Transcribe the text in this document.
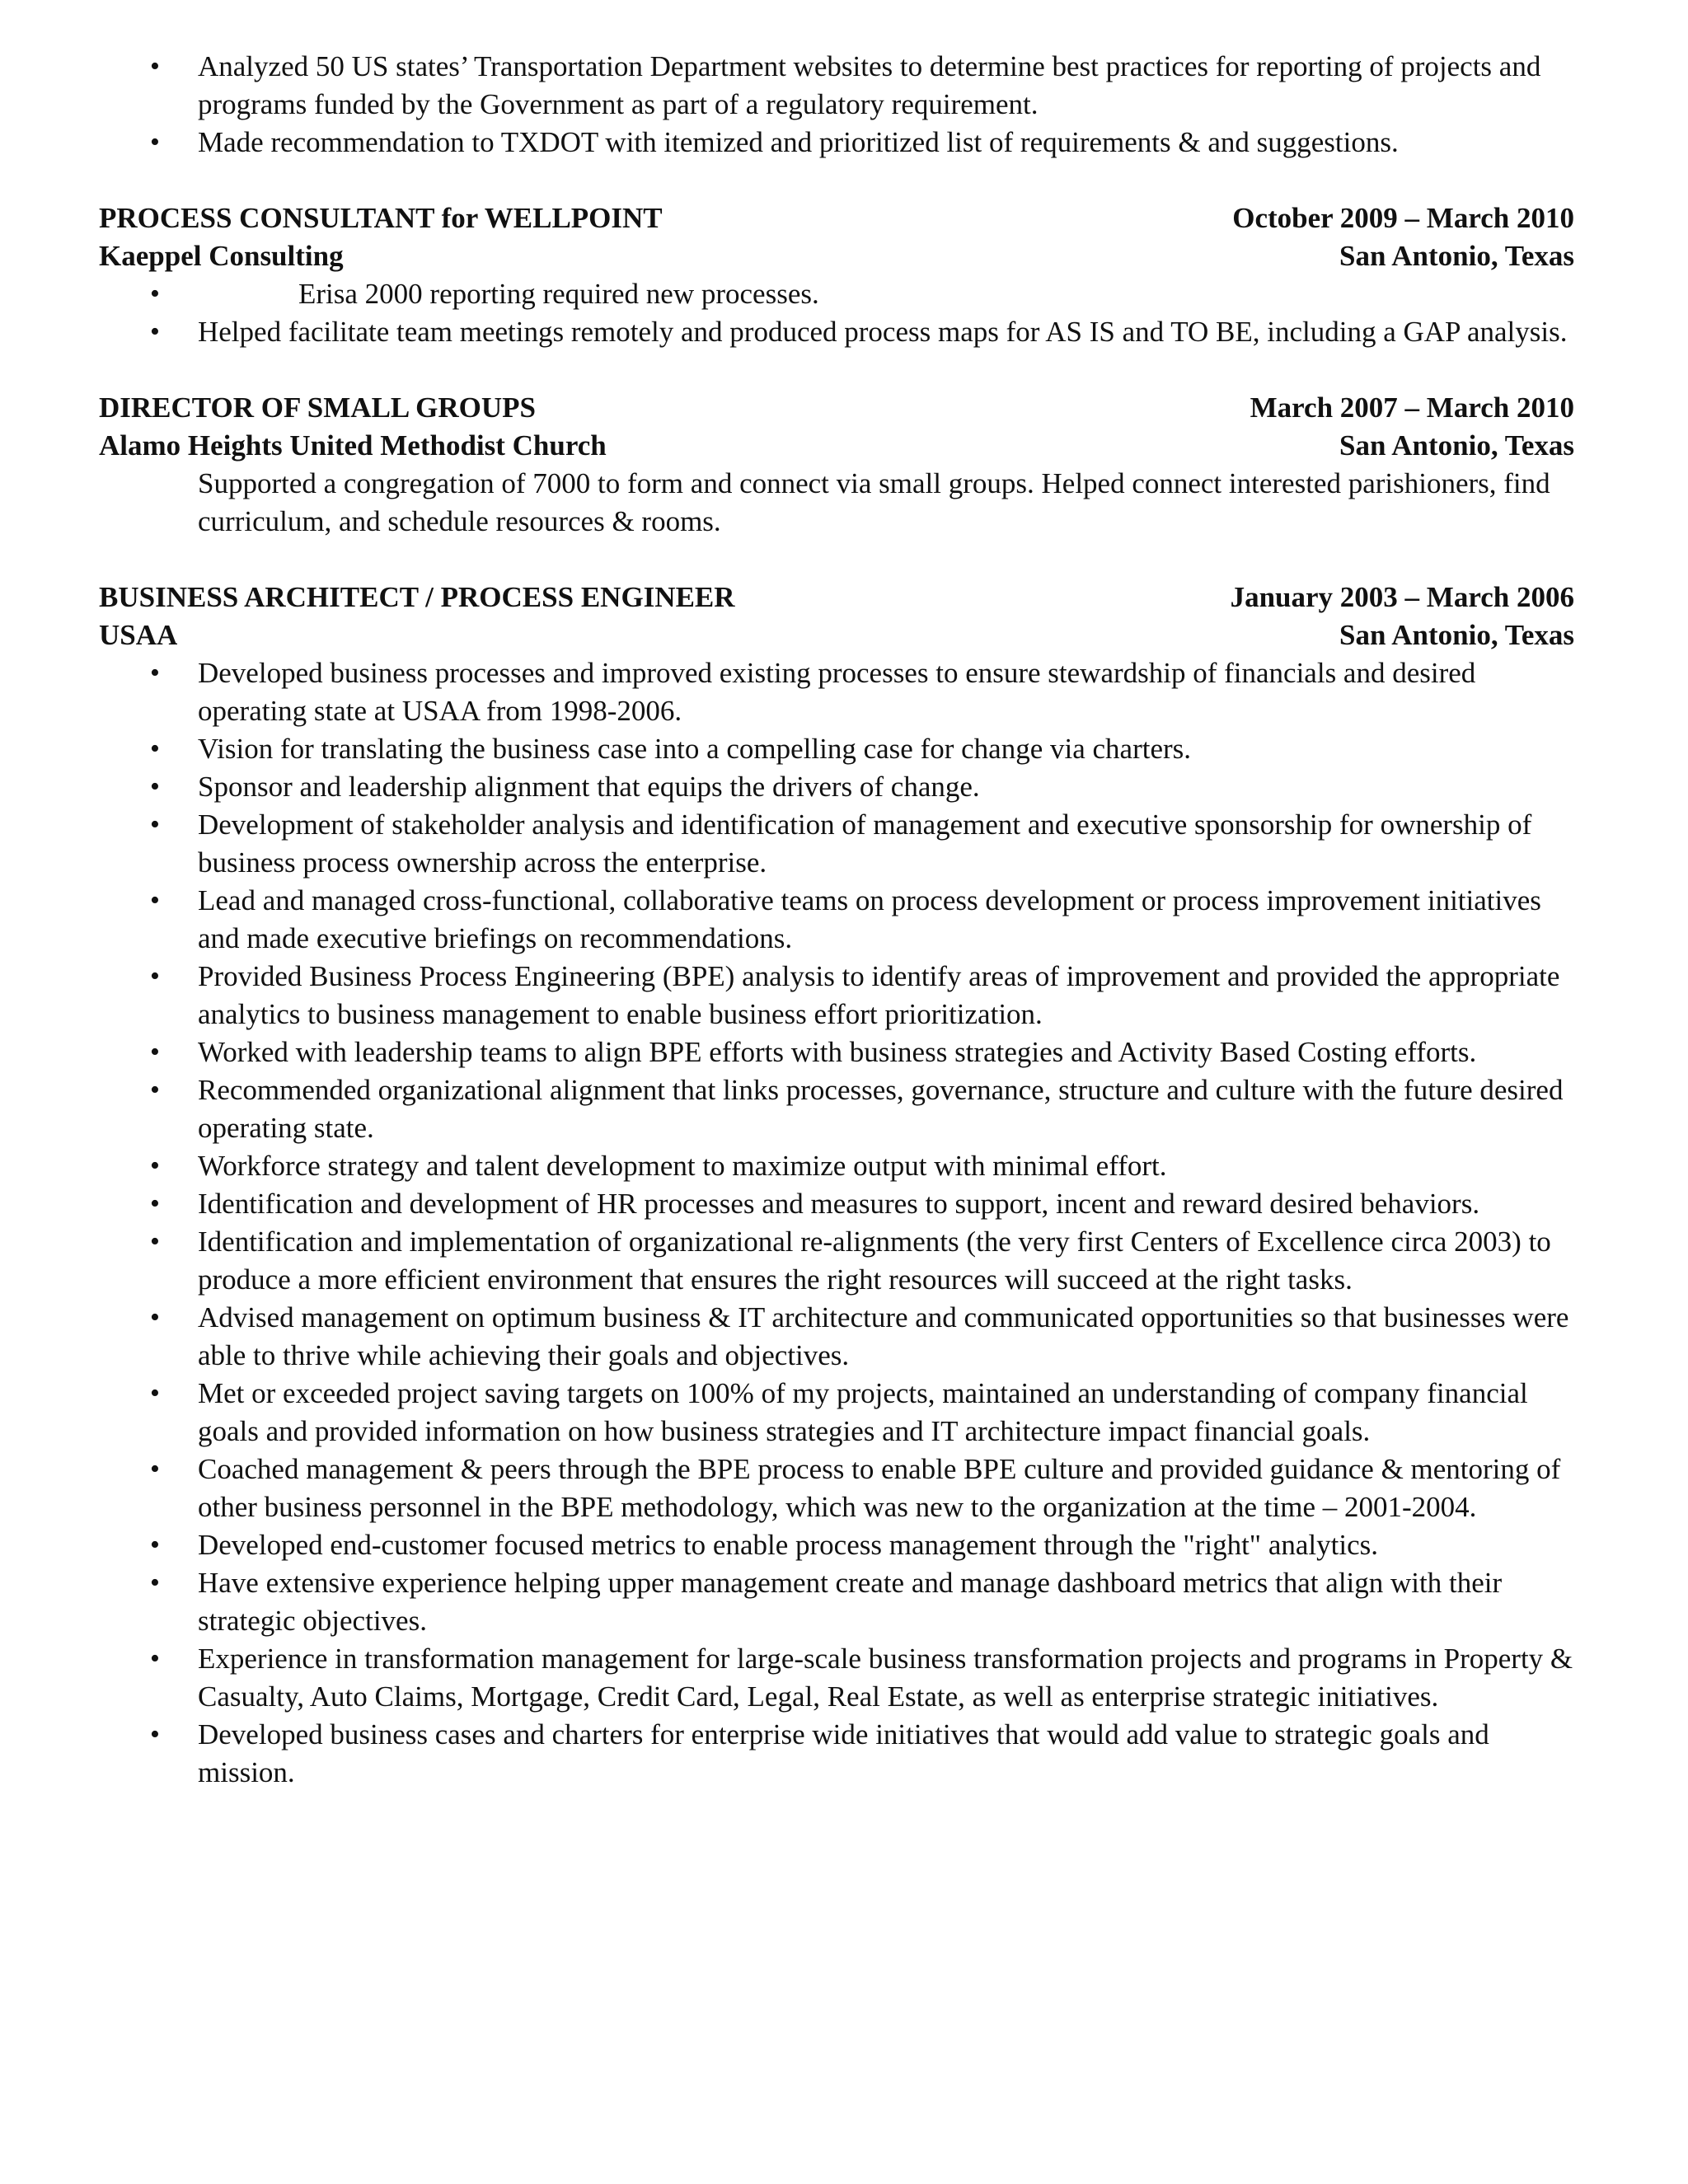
• Analyzed 50 US states’ Transportation Department websites to determine best practices for reporting of projects and programs funded by the Government as part of a regulatory requirement.
• Made recommendation to TXDOT with itemized and prioritized list of requirements & and suggestions.
PROCESS CONSULTANT for WELLPOINT	October 2009 – March 2010
Kaeppel Consulting	San Antonio, Texas
• Erisa 2000 reporting required new processes.
• Helped facilitate team meetings remotely and produced process maps for AS IS and TO BE, including a GAP analysis.
DIRECTOR OF SMALL GROUPS	March 2007 – March 2010
Alamo Heights United Methodist Church	San Antonio, Texas
Supported a congregation of 7000 to form and connect via small groups. Helped connect interested parishioners, find curriculum, and schedule resources & rooms.
BUSINESS ARCHITECT / PROCESS ENGINEER	January 2003 – March 2006
USAA	San Antonio, Texas
• Developed business processes and improved existing processes to ensure stewardship of financials and desired operating state at USAA from 1998-2006.
• Vision for translating the business case into a compelling case for change via charters.
• Sponsor and leadership alignment that equips the drivers of change.
• Development of stakeholder analysis and identification of management and executive sponsorship for ownership of business process ownership across the enterprise.
• Lead and managed cross-functional, collaborative teams on process development or process improvement initiatives and made executive briefings on recommendations.
• Provided Business Process Engineering (BPE) analysis to identify areas of improvement and provided the appropriate analytics to business management to enable business effort prioritization.
• Worked with leadership teams to align BPE efforts with business strategies and Activity Based Costing efforts.
• Recommended organizational alignment that links processes, governance, structure and culture with the future desired operating state.
• Workforce strategy and talent development to maximize output with minimal effort.
• Identification and development of HR processes and measures to support, incent and reward desired behaviors.
• Identification and implementation of organizational re-alignments (the very first Centers of Excellence circa 2003) to produce a more efficient environment that ensures the right resources will succeed at the right tasks.
• Advised management on optimum business & IT architecture and communicated opportunities so that businesses were able to thrive while achieving their goals and objectives.
• Met or exceeded project saving targets on 100% of my projects, maintained an understanding of company financial goals and provided information on how business strategies and IT architecture impact financial goals.
• Coached management & peers through the BPE process to enable BPE culture and provided guidance & mentoring of other business personnel in the BPE methodology, which was new to the organization at the time – 2001-2004.
• Developed end-customer focused metrics to enable process management through the "right" analytics.
• Have extensive experience helping upper management create and manage dashboard metrics that align with their strategic objectives.
• Experience in transformation management for large-scale business transformation projects and programs in Property & Casualty, Auto Claims, Mortgage, Credit Card, Legal, Real Estate, as well as enterprise strategic initiatives.
• Developed business cases and charters for enterprise wide initiatives that would add value to strategic goals and mission.
